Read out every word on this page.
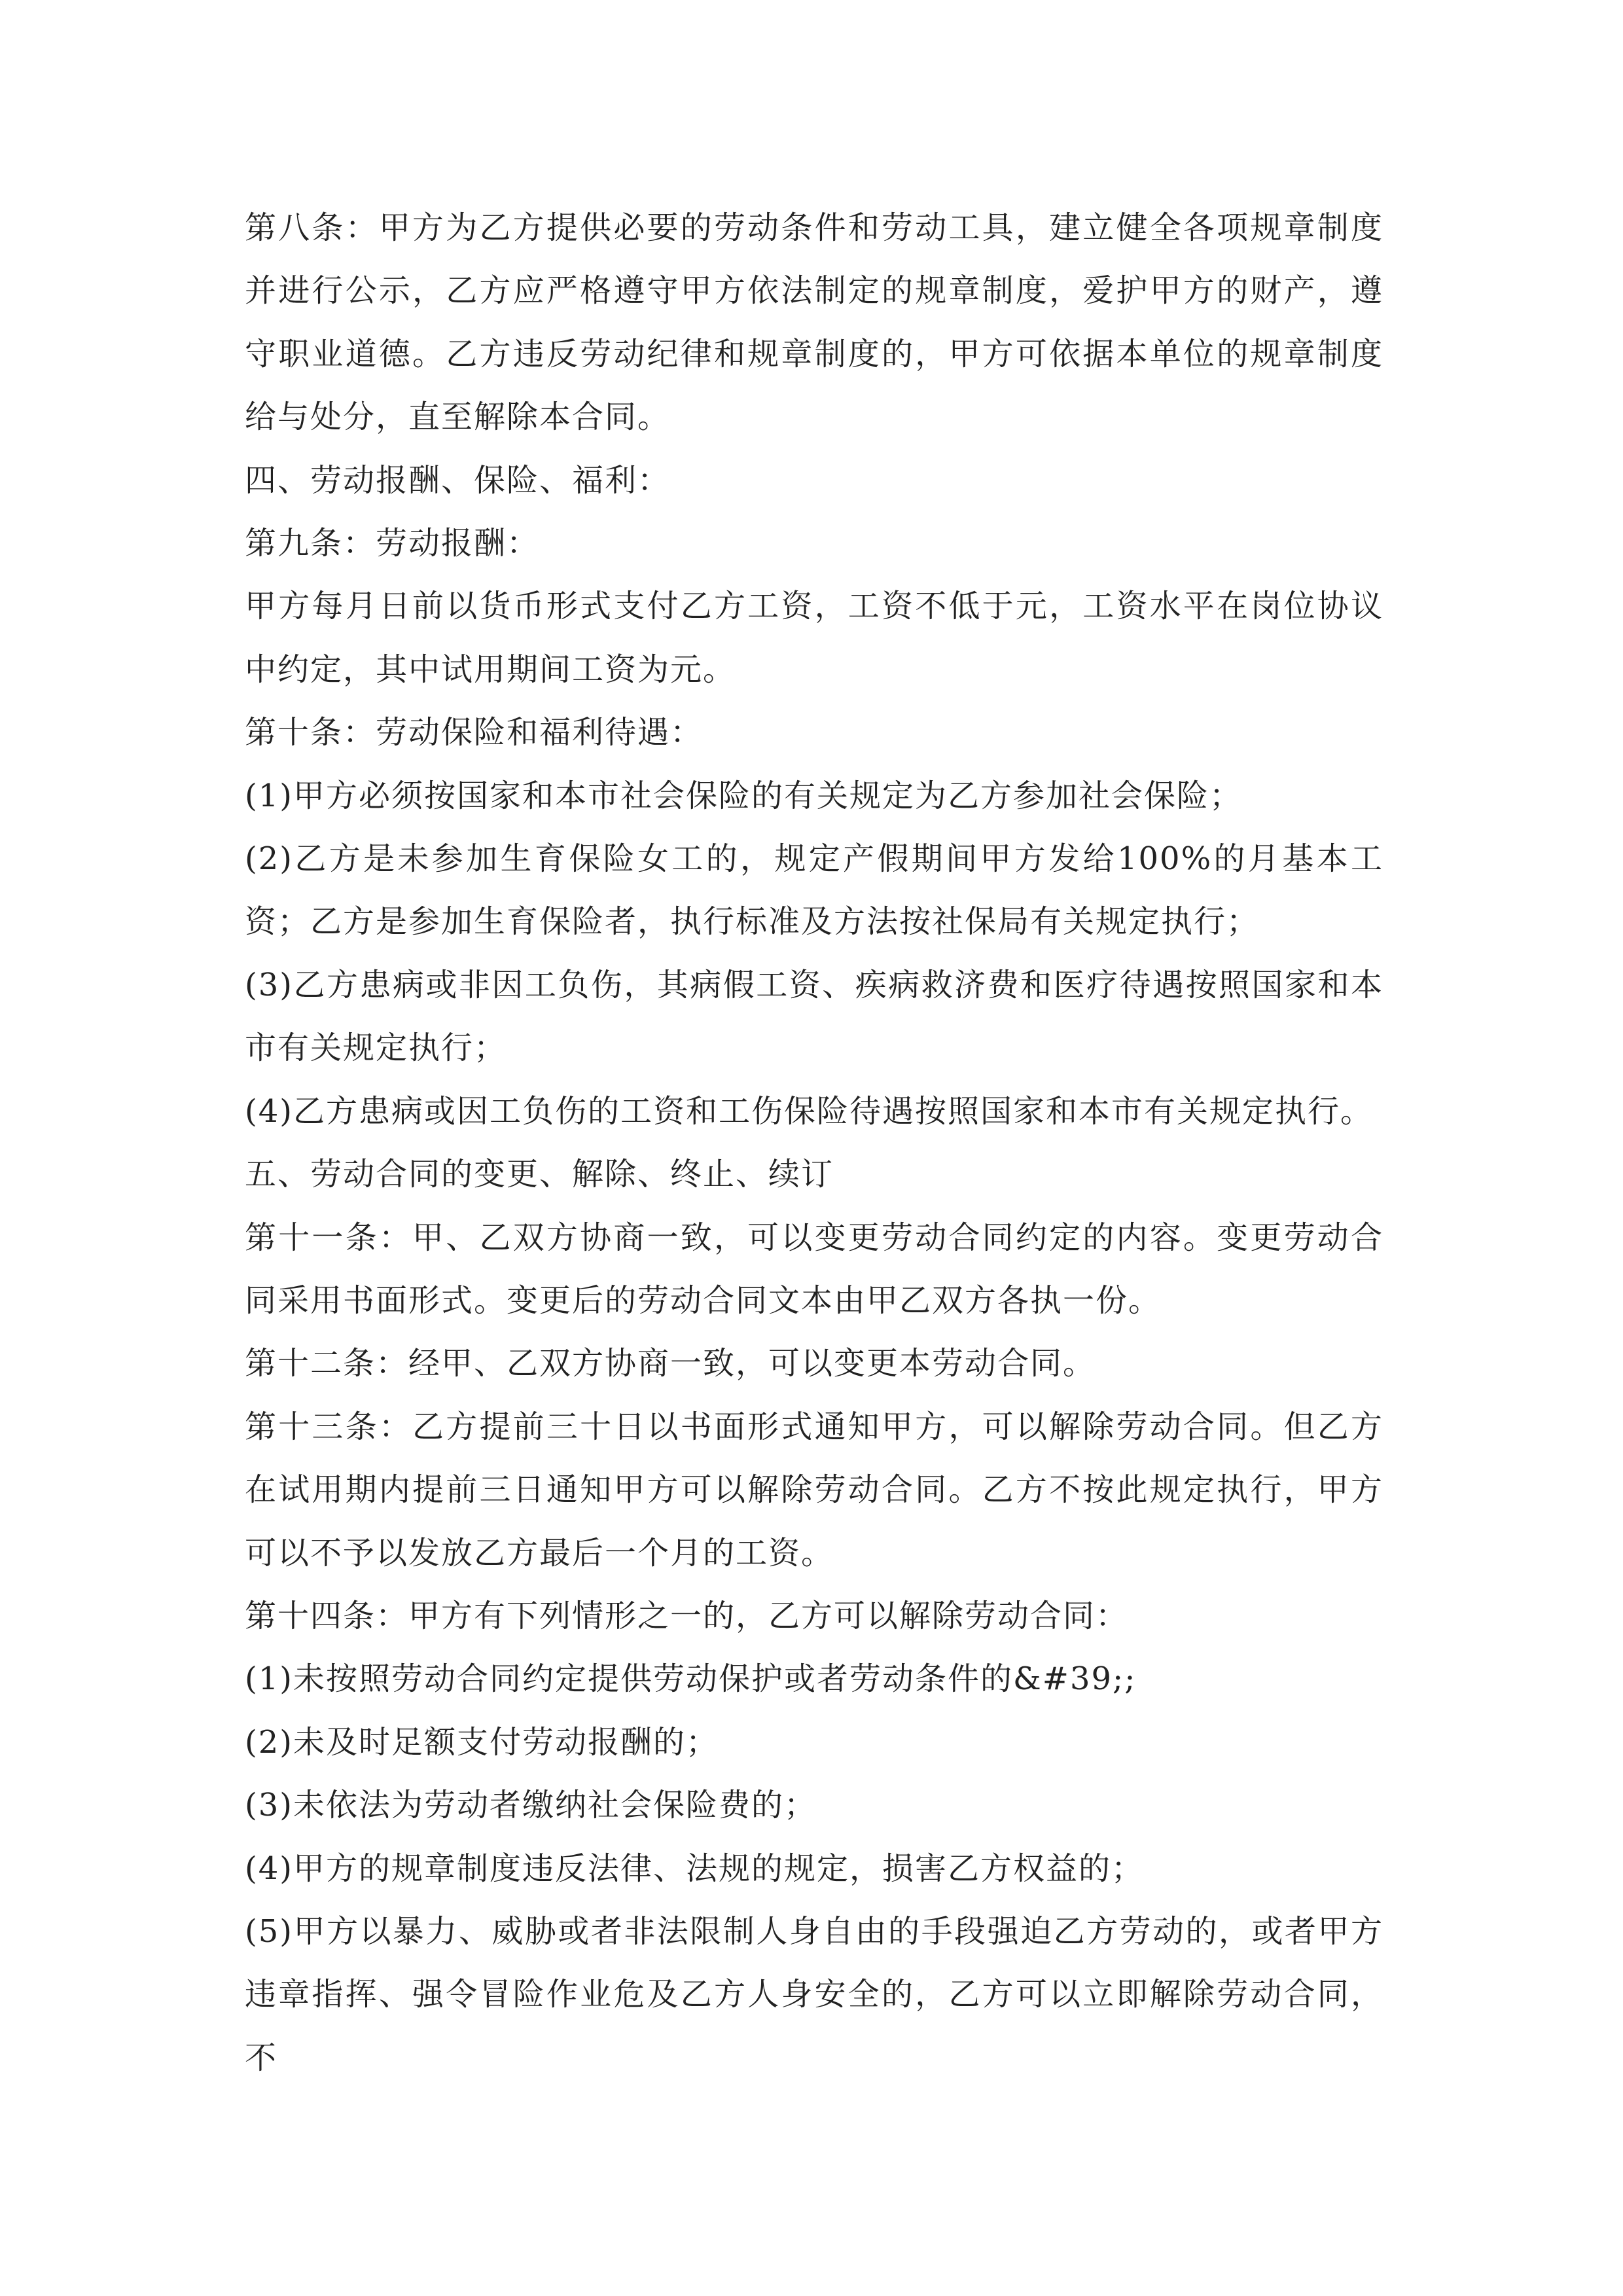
第八条：甲方为乙方提供必要的劳动条件和劳动工具，建立健全各项规章制度并进行公示，乙方应严格遵守甲方依法制定的规章制度，爱护甲方的财产，遵守职业道德。乙方违反劳动纪律和规章制度的，甲方可依据本单位的规章制度给与处分，直至解除本合同。

四、劳动报酬、保险、福利：

第九条：劳动报酬：

甲方每月日前以货币形式支付乙方工资，工资不低于元，工资水平在岗位协议中约定，其中试用期间工资为元。

第十条：劳动保险和福利待遇：

(1)甲方必须按国家和本市社会保险的有关规定为乙方参加社会保险；

(2)乙方是未参加生育保险女工的，规定产假期间甲方发给100%的月基本工资；乙方是参加生育保险者，执行标准及方法按社保局有关规定执行；

(3)乙方患病或非因工负伤，其病假工资、疾病救济费和医疗待遇按照国家和本市有关规定执行；

(4)乙方患病或因工负伤的工资和工伤保险待遇按照国家和本市有关规定执行。

五、劳动合同的变更、解除、终止、续订

第十一条：甲、乙双方协商一致，可以变更劳动合同约定的内容。变更劳动合同采用书面形式。变更后的劳动合同文本由甲乙双方各执一份。

第十二条：经甲、乙双方协商一致，可以变更本劳动合同。

第十三条：乙方提前三十日以书面形式通知甲方，可以解除劳动合同。但乙方在试用期内提前三日通知甲方可以解除劳动合同。乙方不按此规定执行，甲方可以不予以发放乙方最后一个月的工资。

第十四条：甲方有下列情形之一的，乙方可以解除劳动合同：

(1)未按照劳动合同约定提供劳动保护或者劳动条件的&#39;;

(2)未及时足额支付劳动报酬的；

(3)未依法为劳动者缴纳社会保险费的；

(4)甲方的规章制度违反法律、法规的规定，损害乙方权益的；

(5)甲方以暴力、威胁或者非法限制人身自由的手段强迫乙方劳动的，或者甲方违章指挥、强令冒险作业危及乙方人身安全的，乙方可以立即解除劳动合同，不
